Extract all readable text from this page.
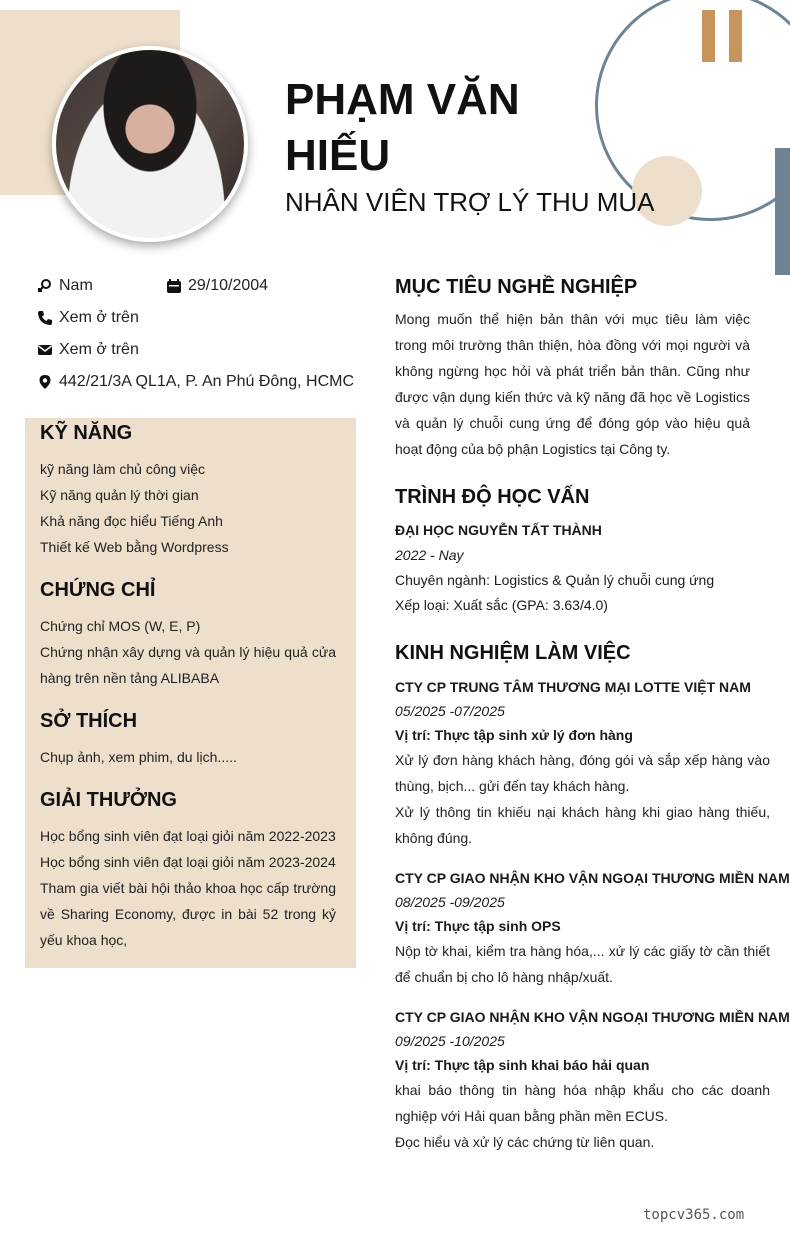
PHẠM VĂN HIẾU
NHÂN VIÊN TRỢ LÝ THU MUA
Nam	29/10/2004
Xem ở trên
Xem ở trên
442/21/3A QL1A, P. An Phú Đông, HCMC
KỸ NĂNG
kỹ năng làm chủ công việc
Kỹ năng quản lý thời gian
Khả năng đọc hiểu Tiếng Anh
Thiết kế Web bằng Wordpress
CHỨNG CHỈ
Chứng chỉ MOS (W, E, P)
Chứng nhận xây dựng và quản lý hiệu quả cửa hàng trên nền tảng ALIBABA
SỞ THÍCH
Chụp ảnh, xem phim, du lịch.....
GIẢI THƯỞNG
Học bổng sinh viên đạt loại giỏi năm 2022-2023
Học bổng sinh viên đạt loại giỏi năm 2023-2024
Tham gia viết bài hội thảo khoa học cấp trường về Sharing Economy, được in bài 52 trong kỷ yếu khoa học,
MỤC TIÊU NGHỀ NGHIỆP
Mong muốn thể hiện bản thân với mục tiêu làm việc trong môi trường thân thiện, hòa đồng với mọi người và không ngừng học hỏi và phát triển bản thân. Cũng như được vận dụng kiến thức và kỹ năng đã học về Logistics và quản lý chuỗi cung ứng để đóng góp vào hiệu quả hoạt động của bộ phận Logistics tại Công ty.
TRÌNH ĐỘ HỌC VẤN
ĐẠI HỌC NGUYỄN TẤT THÀNH
2022 - Nay
Chuyên ngành: Logistics & Quản lý chuỗi cung ứng
Xếp loại: Xuất sắc (GPA: 3.63/4.0)
KINH NGHIỆM LÀM VIỆC
CTY CP TRUNG TÂM THƯƠNG MẠI LOTTE VIỆT NAM
05/2025 -07/2025
Vị trí: Thực tập sinh xử lý đơn hàng
Xử lý đơn hàng khách hàng, đóng gói và sắp xếp hàng vào thùng, bịch... gửi đến tay khách hàng.
Xử lý thông tin khiếu nại khách hàng khi giao hàng thiếu, không đúng.
CTY CP GIAO NHẬN KHO VẬN NGOẠI THƯƠNG MIỀN NAM
08/2025 -09/2025
Vị trí: Thực tập sinh OPS
Nộp tờ khai, kiểm tra hàng hóa,... xử lý các giấy tờ cần thiết để chuẩn bị cho lô hàng nhập/xuất.
CTY CP GIAO NHẬN KHO VẬN NGOẠI THƯƠNG MIỀN NAM
09/2025 -10/2025
Vị trí: Thực tập sinh khai báo hải quan
khai báo thông tin hàng hóa nhập khẩu cho các doanh nghiệp với Hải quan bằng phần mền ECUS.
Đọc hiểu và xử lý các chứng từ liên quan.
topcv365.com
